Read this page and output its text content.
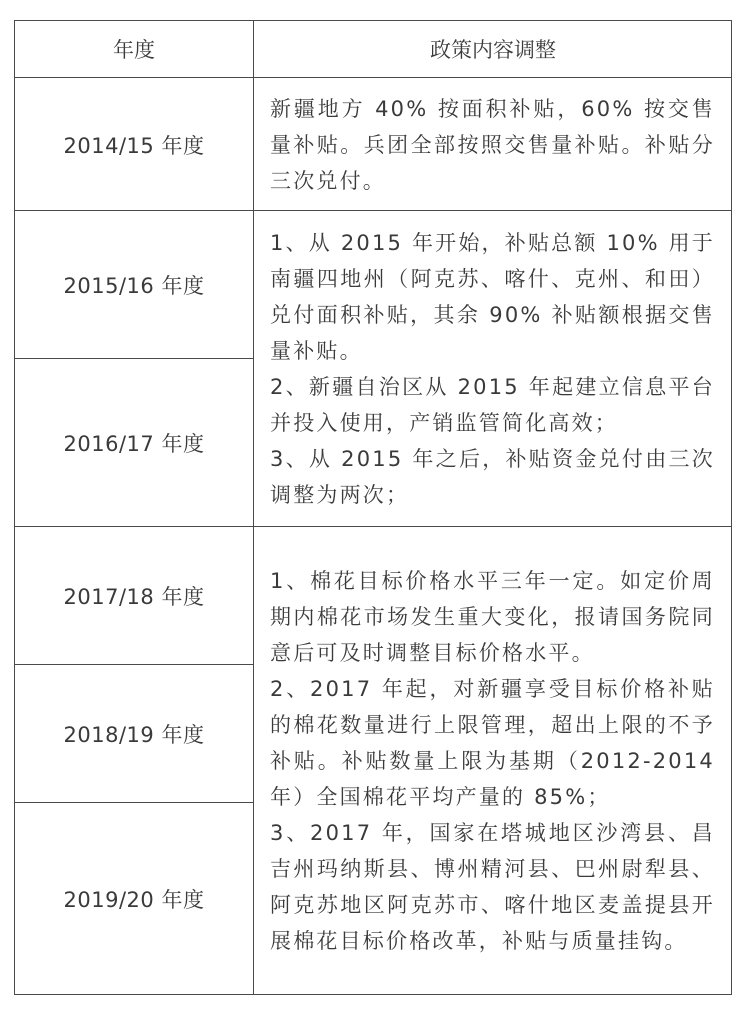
年度	政策内容调整
2014/15 年度
2015/16 年度
2016/17 年度
2017/18 年度
2018/19 年度
2019/20 年度

新疆地方 40% 按面积补贴，60% 按交售量补贴。兵团全部按照交售量补贴。补贴分三次兑付。

1、从 2015 年开始，补贴总额 10% 用于南疆四地州（阿克苏、喀什、克州、和田）兑付面积补贴，其余 90% 补贴额根据交售量补贴。

2、新疆自治区从 2015 年起建立信息平台并投入使用，产销监管简化高效；

3、从 2015 年之后，补贴资金兑付由三次调整为两次；

1、棉花目标价格水平三年一定。如定价周期内棉花市场发生重大变化，报请国务院同意后可及时调整目标价格水平。

2、2017 年起，对新疆享受目标价格补贴的棉花数量进行上限管理，超出上限的不予补贴。补贴数量上限为基期（2012-2014 年）全国棉花平均产量的 85%；

3、2017 年，国家在塔城地区沙湾县、昌吉州玛纳斯县、博州精河县、巴州尉犁县、阿克苏地区阿克苏市、喀什地区麦盖提县开展棉花目标价格改革，补贴与质量挂钩。
